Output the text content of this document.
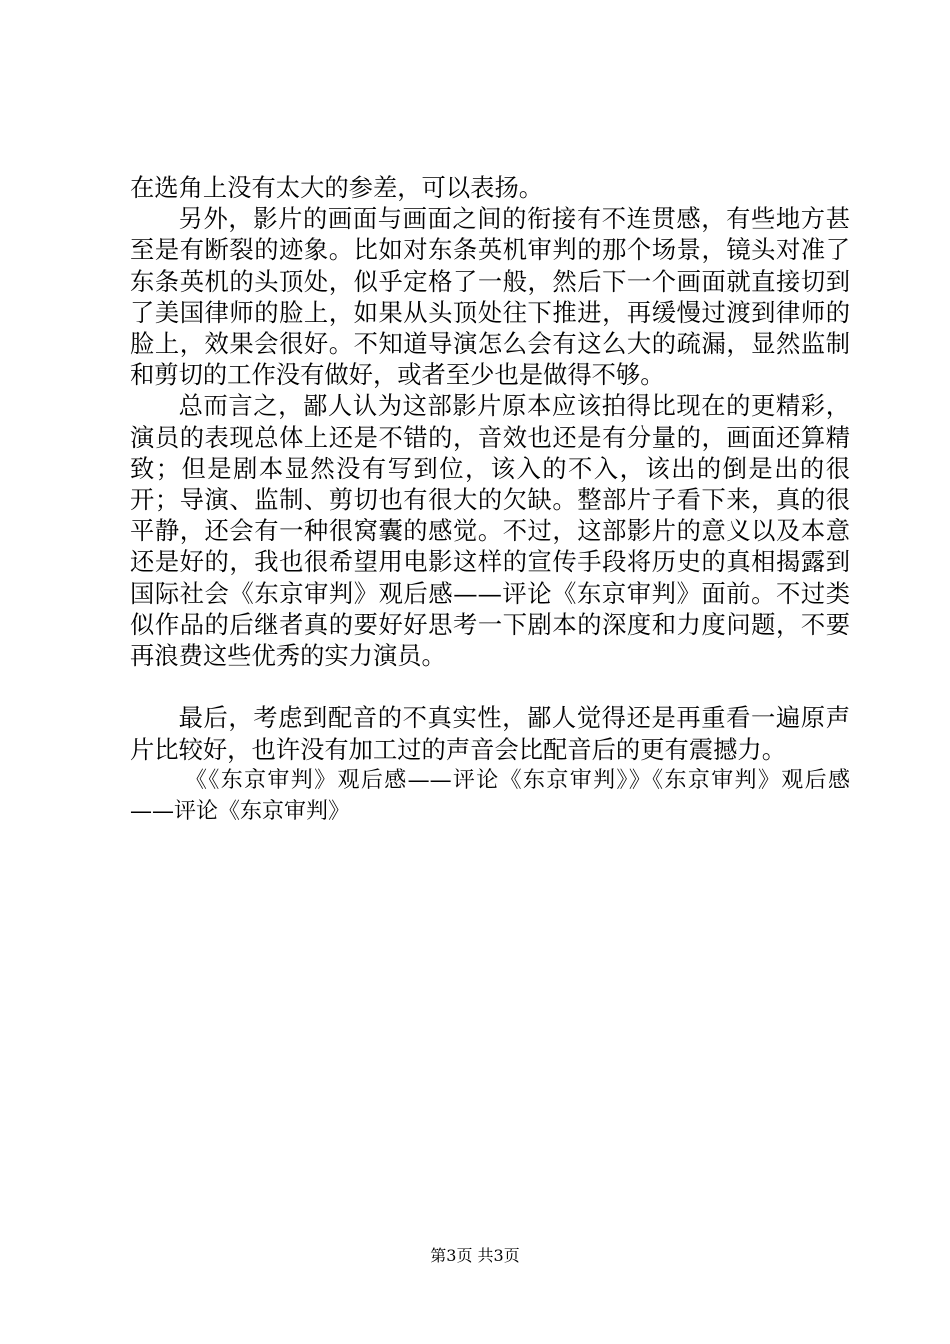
在选角上没有太大的参差，可以表扬。

另外，影片的画面与画面之间的衔接有不连贯感，有些地方甚至是有断裂的迹象。比如对东条英机审判的那个场景，镜头对准了东条英机的头顶处，似乎定格了一般，然后下一个画面就直接切到了美国律师的脸上，如果从头顶处往下推进，再缓慢过渡到律师的脸上，效果会很好。不知道导演怎么会有这么大的疏漏，显然监制和剪切的工作没有做好，或者至少也是做得不够。

总而言之，鄙人认为这部影片原本应该拍得比现在的更精彩，演员的表现总体上还是不错的，音效也还是有分量的，画面还算精致；但是剧本显然没有写到位，该入的不入，该出的倒是出的很开；导演、监制、剪切也有很大的欠缺。整部片子看下来，真的很平静，还会有一种很窝囊的感觉。不过，这部影片的意义以及本意还是好的，我也很希望用电影这样的宣传手段将历史的真相揭露到国际社会《东京审判》观后感——评论《东京审判》面前。不过类似作品的后继者真的要好好思考一下剧本的深度和力度问题，不要再浪费这些优秀的实力演员。

最后，考虑到配音的不真实性，鄙人觉得还是再重看一遍原声片比较好，也许没有加工过的声音会比配音后的更有震撼力。

《《东京审判》观后感——评论《东京审判》》《东京审判》观后感——评论《东京审判》

第3页 共3页
